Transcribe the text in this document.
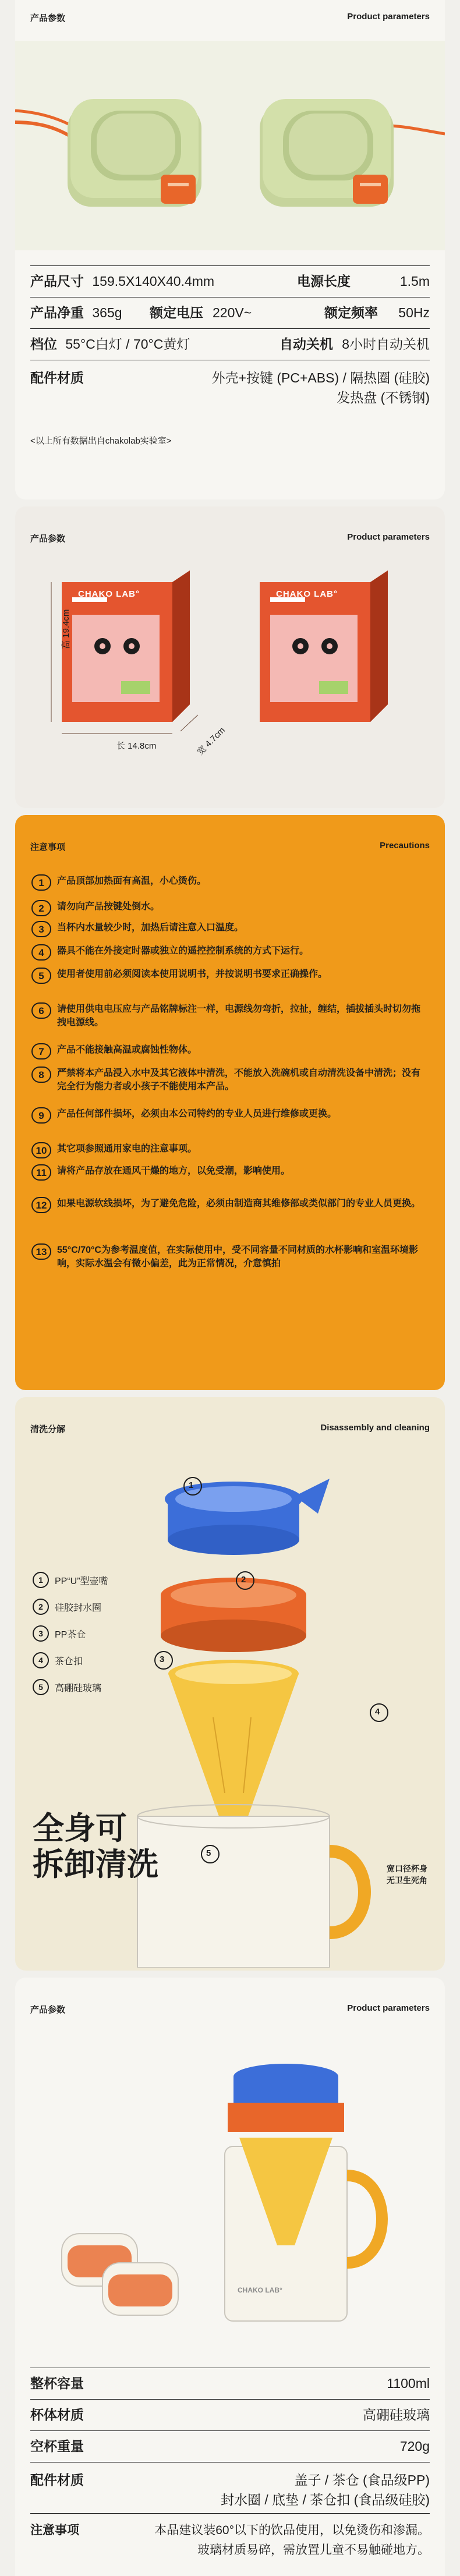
产品参数	Product parameters
产品尺寸 159.5X140X40.4mm	电源长度	1.5m
产品净重 365g 额定电压 220V~	额定频率 50Hz
档位 55°C白灯 / 70°C黄灯	自动关机 8小时自动关机
配件材质	外壳+按键 (PC+ABS) / 隔热圈 (硅胶)
发热盘 (不锈钢)
<以上所有数据出自chakolab实验室>
产品参数	Product parameters
高 19.4cm
长 14.8cm	宽 4.7cm
CHAKO LAB°	CHAKO LAB°
注意事项	Precautions
1	产品顶部加热面有高温，小心烫伤。
2	请勿向产品按键处倒水。
3	当杯内水量较少时，加热后请注意入口温度。
4	器具不能在外接定时器或独立的遥控控制系统的方式下运行。
5	使用者使用前必须阅读本使用说明书，并按说明书要求正确操作。
6	请使用供电电压应与产品铭牌标注一样，电源线勿弯折，拉扯，缠结，插拔插头时切勿拖拽电源线。
7	产品不能接触高温或腐蚀性物体。
8	严禁将本产品浸入水中及其它液体中清洗，不能放入洗碗机或自动清洗设备中清洗；没有完全行为能力者或小孩子不能使用本产品。
9	产品任何部件损坏，必须由本公司特约的专业人员进行维修或更换。
10	其它项参照通用家电的注意事项。
11	请将产品存放在通风干燥的地方，以免受潮，影响使用。
12	如果电源软线损坏，为了避免危险，必须由制造商其维修部或类似部门的专业人员更换。
13	55°C/70°C为参考温度值，在实际使用中，受不同容量不同材质的水杯影响和室温环境影响，实际水温会有微小偏差，此为正常情况，介意慎拍
清洗分解	Disassembly and cleaning
1
2
3
4
5
1	PP“U”型壶嘴
2	硅胶封水圈
3	PP茶仓
4	茶仓扣
5	高硼硅玻璃
全身可
拆卸清洗	宽口径杯身
无卫生死角
产品参数	Product parameters
CHAKO LAB°
整杯容量	1100ml
杯体材质	高硼硅玻璃
空杯重量	720g
配件材质	盖子 / 茶仓 (食品级PP)
封水圈 / 底垫 / 茶仓扣 (食品级硅胶)
注意事项	本品建议装60°以下的饮品使用，以免烫伤和渗漏。
玻璃材质易碎，需放置儿童不易触碰地方。
